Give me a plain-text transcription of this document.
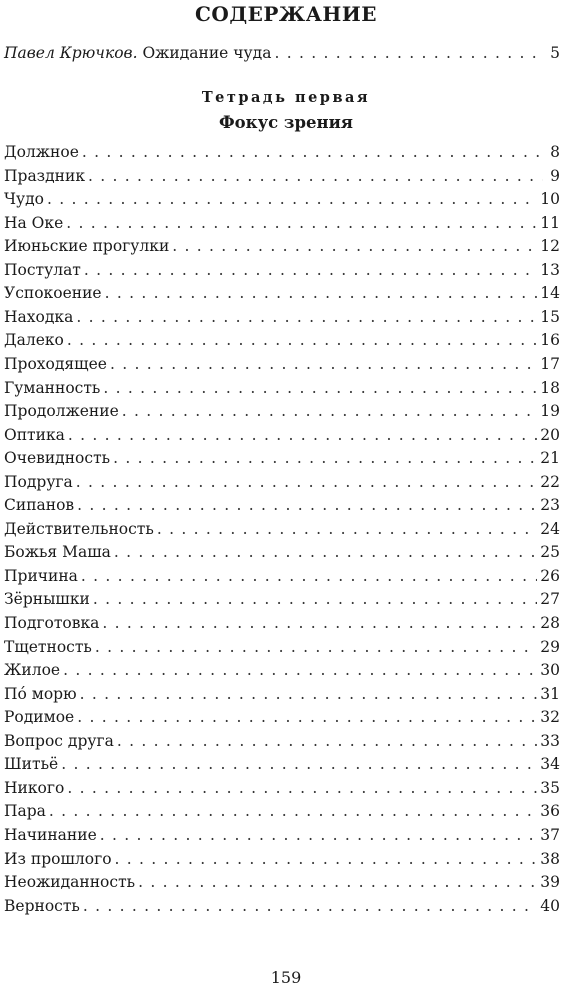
СОДЕРЖАНИЕ
Павел Крючков. Ожидание чуда . . .	5
Тетрадь первая
Фокус зрения
Должное . . .	8
Праздник . . .	9
Чудо . . .	10
На Оке . . .	11
Июньские прогулки . . .	12
Постулат . . .	13
Успокоение . . .	14
Находка . . .	15
Далеко . . .	16
Проходящее . . .	17
Гуманность . . .	18
Продолжение . . .	19
Оптика . . .	20
Очевидность . . .	21
Подруга . . .	22
Сипанов . . .	23
Действительность . . .	24
Божья Маша . . .	25
Причина . . .	26
Зёрнышки . . .	27
Подготовка . . .	28
Тщетность . . .	29
Жилое . . .	30
Пó морю . . .	31
Родимое . . .	32
Вопрос друга . . .	33
Шитьё . . .	34
Никого . . .	35
Пара . . .	36
Начинание . . .	37
Из прошлого . . .	38
Неожиданность . . .	39
Верность . . .	40
159
